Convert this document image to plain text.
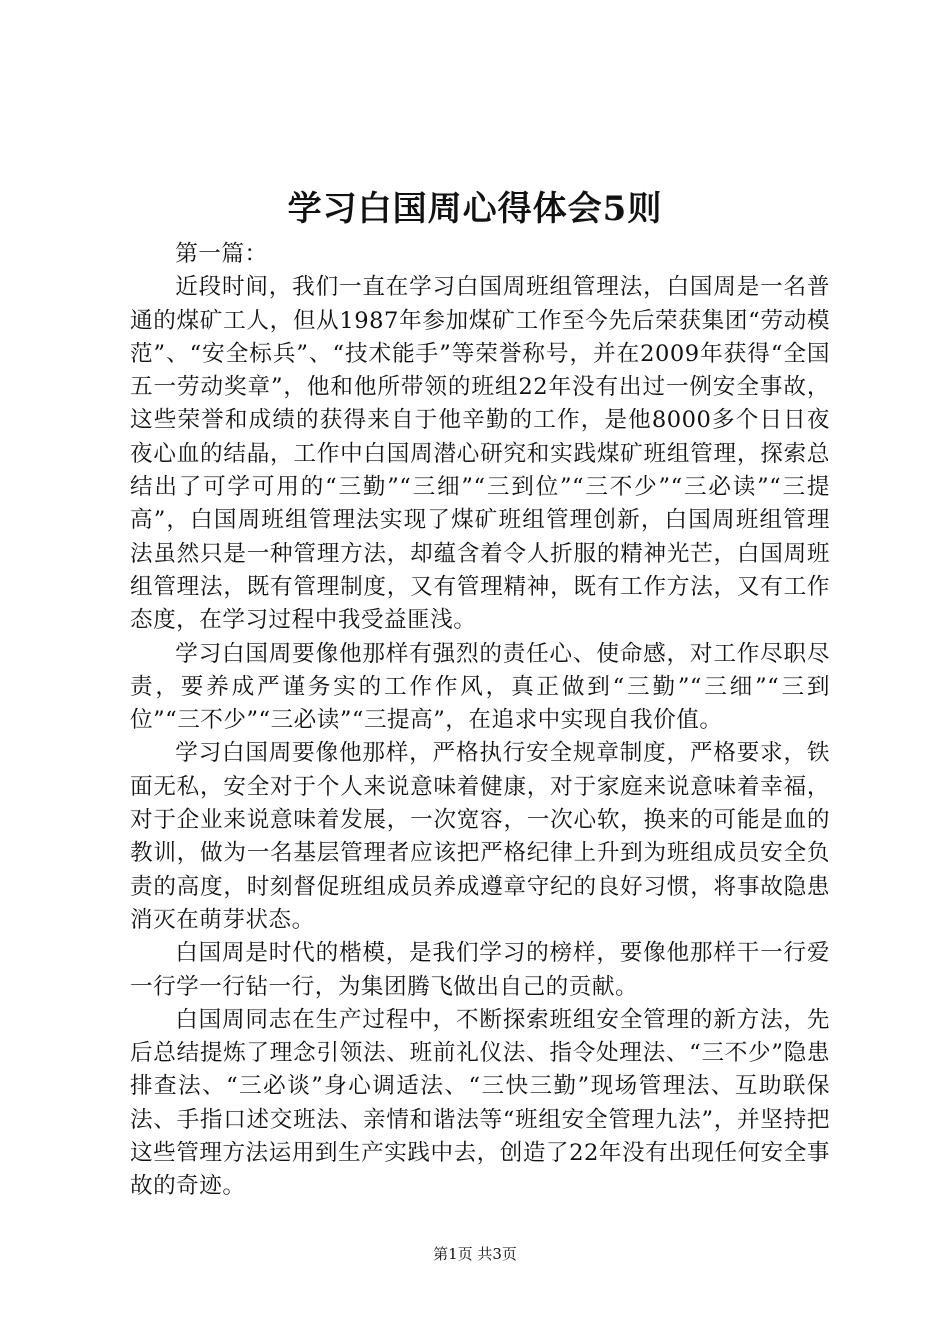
学习白国周心得体会5则

第一篇：

近段时间，我们一直在学习白国周班组管理法，白国周是一名普通的煤矿工人，但从1987年参加煤矿工作至今先后荣获集团“劳动模范”、“安全标兵”、“技术能手”等荣誉称号，并在2009年获得“全国五一劳动奖章”，他和他所带领的班组22年没有出过一例安全事故，这些荣誉和成绩的获得来自于他辛勤的工作，是他8000多个日日夜夜心血的结晶，工作中白国周潜心研究和实践煤矿班组管理，探索总结出了可学可用的“三勤”“三细”“三到位”“三不少”“三必读”“三提高”，白国周班组管理法实现了煤矿班组管理创新，白国周班组管理法虽然只是一种管理方法，却蕴含着令人折服的精神光芒，白国周班组管理法，既有管理制度，又有管理精神，既有工作方法，又有工作态度，在学习过程中我受益匪浅。

学习白国周要像他那样有强烈的责任心、使命感，对工作尽职尽责，要养成严谨务实的工作作风，真正做到“三勤”“三细”“三到位”“三不少”“三必读”“三提高”，在追求中实现自我价值。

学习白国周要像他那样，严格执行安全规章制度，严格要求，铁面无私，安全对于个人来说意味着健康，对于家庭来说意味着幸福，对于企业来说意味着发展，一次宽容，一次心软，换来的可能是血的教训，做为一名基层管理者应该把严格纪律上升到为班组成员安全负责的高度，时刻督促班组成员养成遵章守纪的良好习惯，将事故隐患消灭在萌芽状态。

白国周是时代的楷模，是我们学习的榜样，要像他那样干一行爱一行学一行钻一行，为集团腾飞做出自己的贡献。

白国周同志在生产过程中，不断探索班组安全管理的新方法，先后总结提炼了理念引领法、班前礼仪法、指令处理法、“三不少”隐患排查法、“三必谈”身心调适法、“三快三勤”现场管理法、互助联保法、手指口述交班法、亲情和谐法等“班组安全管理九法”，并坚持把这些管理方法运用到生产实践中去，创造了22年没有出现任何安全事故的奇迹。

第1页 共3页
